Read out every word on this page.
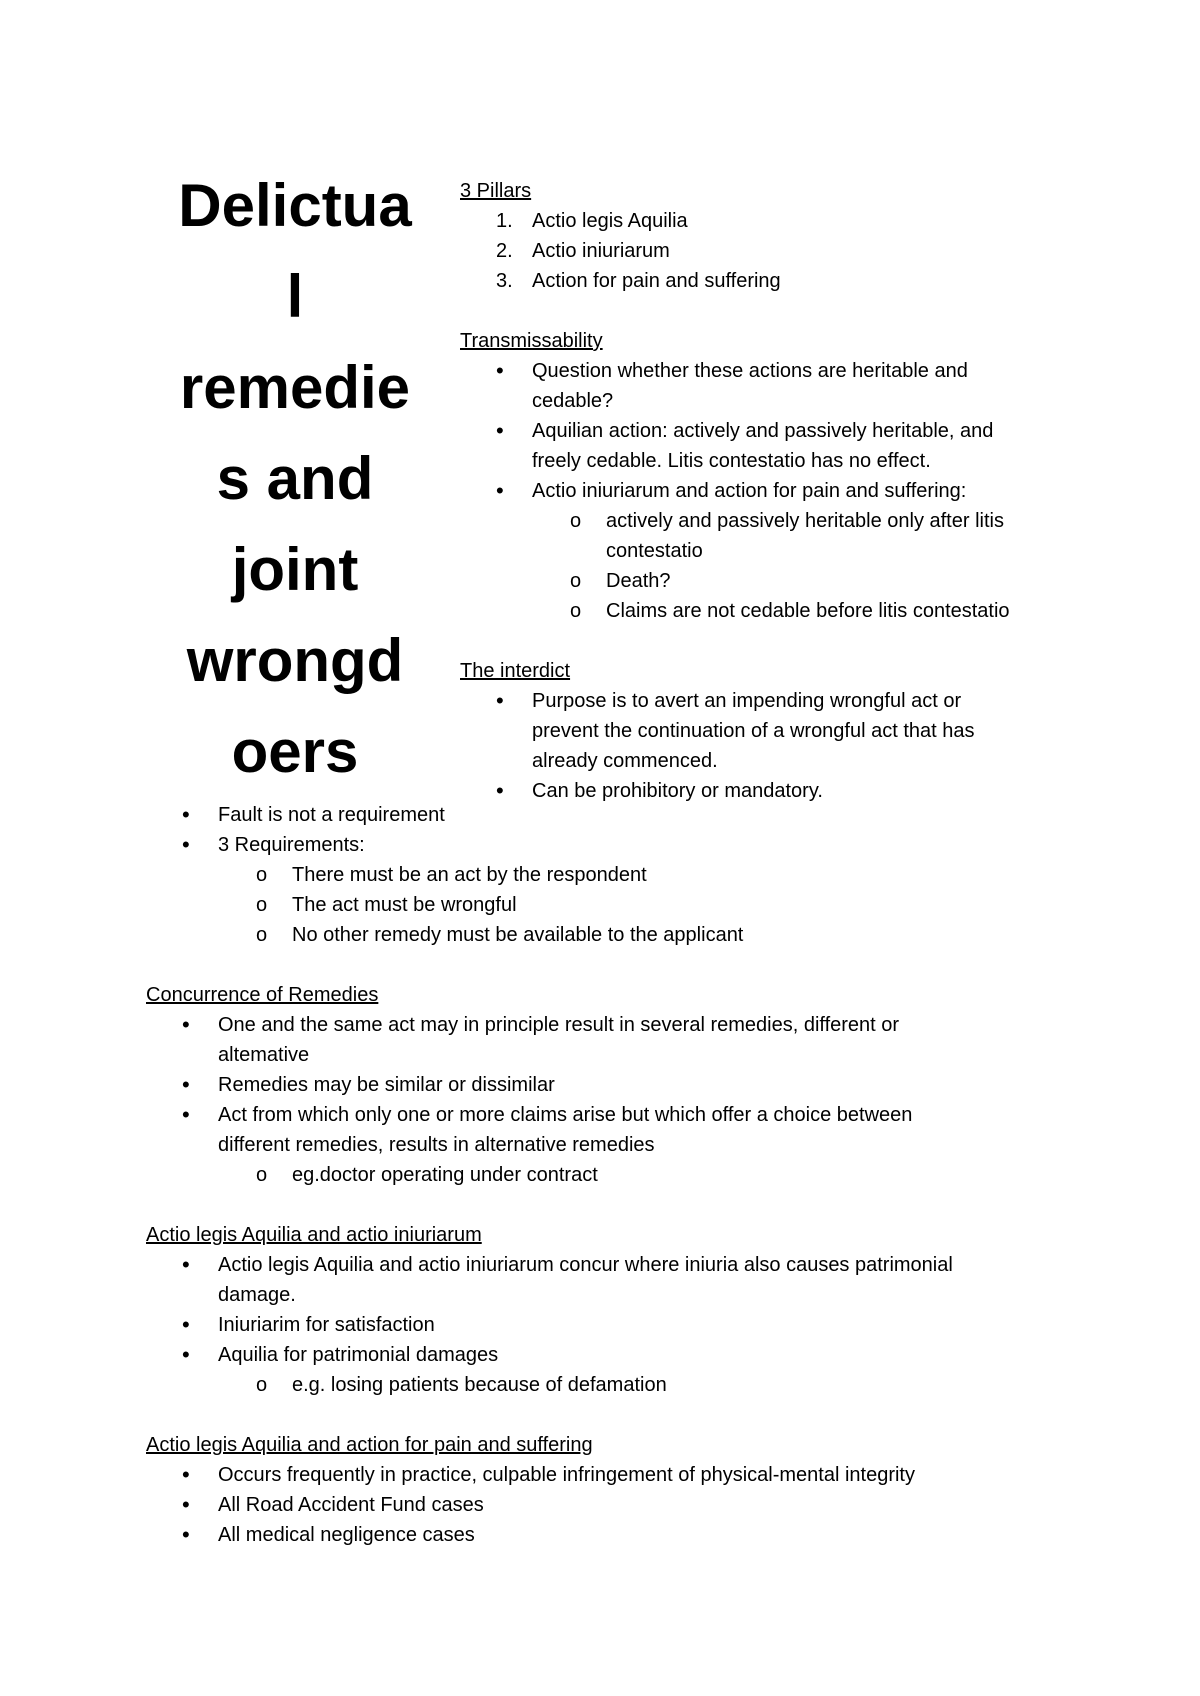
Delictua
l
remedie
s and
joint
wrongd
oers

3 Pillars

1. Actio legis Aquilia
2. Actio iniuriarum
3. Action for pain and suffering

Transmissability

• Question whether these actions are heritable and
cedable?
• Aquilian action: actively and passively heritable, and
freely cedable. Litis contestatio has no effect.
• Actio iniuriarum and action for pain and suffering:
o actively and passively heritable only after litis
contestatio
o Death?
o Claims are not cedable before litis contestatio

The interdict

• Purpose is to avert an impending wrongful act or
prevent the continuation of a wrongful act that has
already commenced.
• Can be prohibitory or mandatory.
• Fault is not a requirement
• 3 Requirements:
o There must be an act by the respondent
o The act must be wrongful
o No other remedy must be available to the applicant

Concurrence of Remedies

• One and the same act may in principle result in several remedies, different or
altemative
• Remedies may be similar or dissimilar
• Act from which only one or more claims arise but which offer a choice between
different remedies, results in alternative remedies
o eg.doctor operating under contract

Actio legis Aquilia and actio iniuriarum

• Actio legis Aquilia and actio iniuriarum concur where iniuria also causes patrimonial
damage.
• Iniuriarim for satisfaction
• Aquilia for patrimonial damages
o e.g. losing patients because of defamation

Actio legis Aquilia and action for pain and suffering

• Occurs frequently in practice, culpable infringement of physical-mental integrity
• All Road Accident Fund cases
• All medical negligence cases
